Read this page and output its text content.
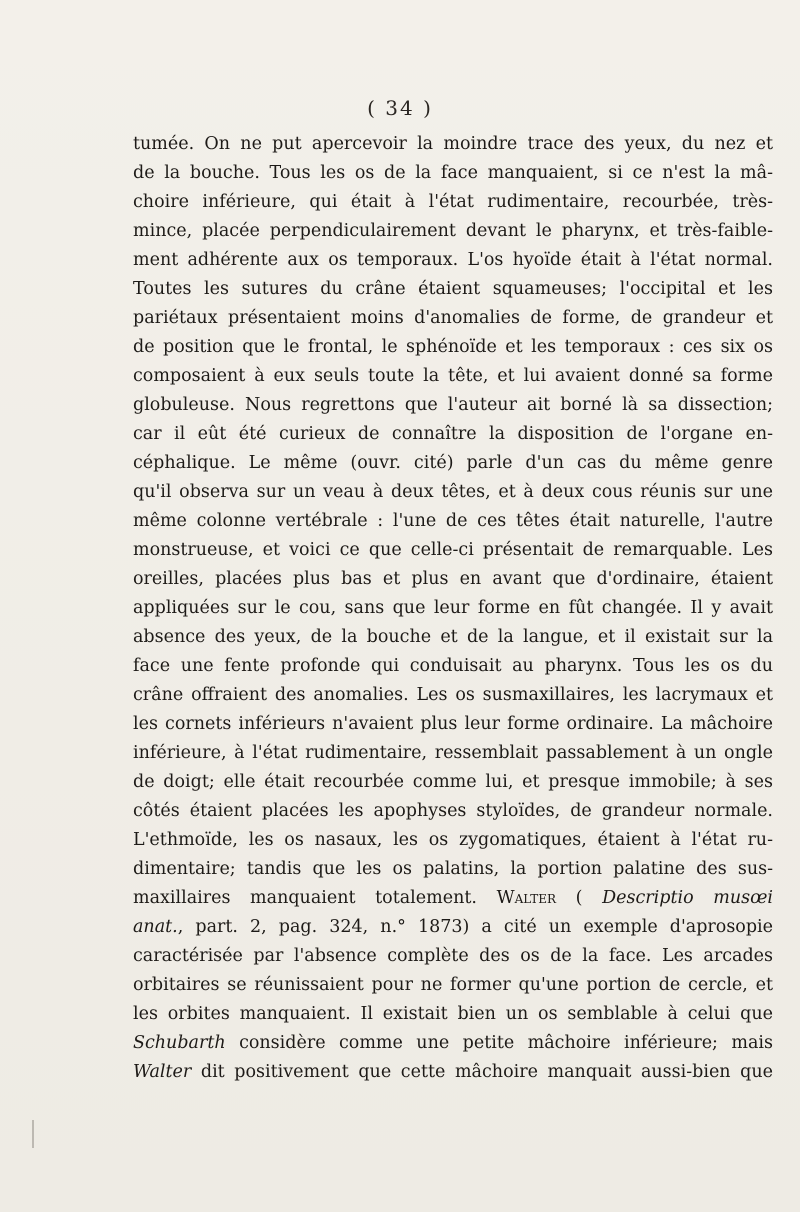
( 34 )
tumée. On ne put apercevoir la moindre trace des yeux, du nez et
de la bouche. Tous les os de la face manquaient, si ce n'est la mâ-
choire inférieure, qui était à l'état rudimentaire, recourbée, très-
mince, placée perpendiculairement devant le pharynx, et très-faible-
ment adhérente aux os temporaux. L'os hyoïde était à l'état normal.
Toutes les sutures du crâne étaient squameuses; l'occipital et les
pariétaux présentaient moins d'anomalies de forme, de grandeur et
de position que le frontal, le sphénoïde et les temporaux : ces six os
composaient à eux seuls toute la tête, et lui avaient donné sa forme
globuleuse. Nous regrettons que l'auteur ait borné là sa dissection;
car il eût été curieux de connaître la disposition de l'organe en-
céphalique. Le même (ouvr. cité) parle d'un cas du même genre
qu'il observa sur un veau à deux têtes, et à deux cous réunis sur une
même colonne vertébrale : l'une de ces têtes était naturelle, l'autre
monstrueuse, et voici ce que celle-ci présentait de remarquable. Les
oreilles, placées plus bas et plus en avant que d'ordinaire, étaient
appliquées sur le cou, sans que leur forme en fût changée. Il y avait
absence des yeux, de la bouche et de la langue, et il existait sur la
face une fente profonde qui conduisait au pharynx. Tous les os du
crâne offraient des anomalies. Les os susmaxillaires, les lacrymaux et
les cornets inférieurs n'avaient plus leur forme ordinaire. La mâchoire
inférieure, à l'état rudimentaire, ressemblait passablement à un ongle
de doigt; elle était recourbée comme lui, et presque immobile; à ses
côtés étaient placées les apophyses styloïdes, de grandeur normale.
L'ethmoïde, les os nasaux, les os zygomatiques, étaient à l'état ru-
dimentaire; tandis que les os palatins, la portion palatine des sus-
maxillaires manquaient totalement. Walter ( Descriptio musœi
anat., part. 2, pag. 324, n.° 1873) a cité un exemple d'aprosopie
caractérisée par l'absence complète des os de la face. Les arcades
orbitaires se réunissaient pour ne former qu'une portion de cercle, et
les orbites manquaient. Il existait bien un os semblable à celui que
Schubarth considère comme une petite mâchoire inférieure; mais
Walter dit positivement que cette mâchoire manquait aussi-bien que
